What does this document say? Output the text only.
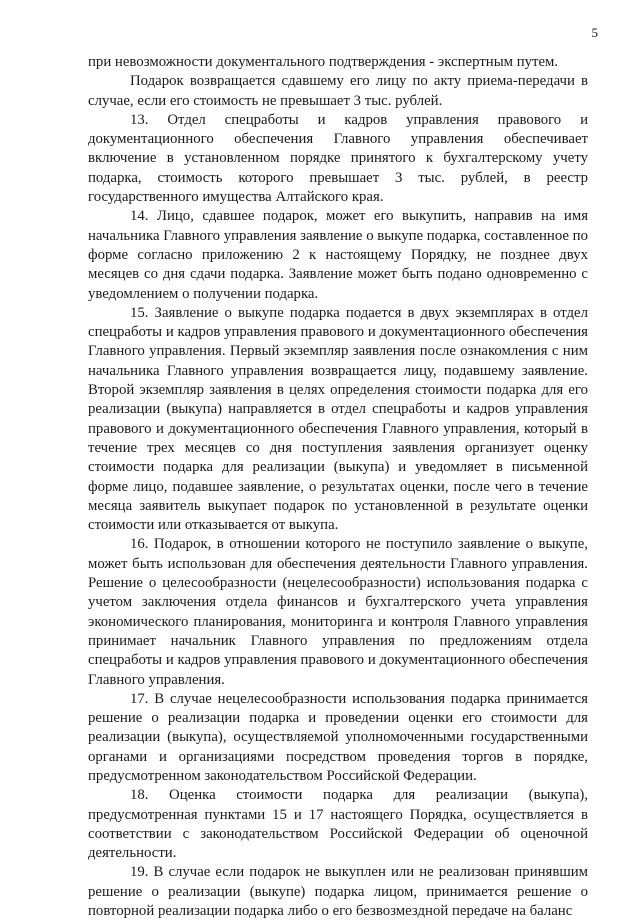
5

при невозможности документального подтверждения - экспертным путем.

Подарок возвращается сдавшему его лицу по акту приема-передачи в случае, если его стоимость не превышает 3 тыс. рублей.

13. Отдел спецработы и кадров управления правового и документационного обеспечения Главного управления обеспечивает включение в установленном порядке принятого к бухгалтерскому учету подарка, стоимость которого превышает 3 тыс. рублей, в реестр государственного имущества Алтайского края.

14. Лицо, сдавшее подарок, может его выкупить, направив на имя начальника Главного управления заявление о выкупе подарка, составленное по форме согласно приложению 2 к настоящему Порядку, не позднее двух месяцев со дня сдачи подарка. Заявление может быть подано одновременно с уведомлением о получении подарка.

15. Заявление о выкупе подарка подается в двух экземплярах в отдел спецработы и кадров управления правового и документационного обеспечения Главного управления. Первый экземпляр заявления после ознакомления с ним начальника Главного управления возвращается лицу, подавшему заявление. Второй экземпляр заявления в целях определения стоимости подарка для его реализации (выкупа) направляется в отдел спецработы и кадров управления правового и документационного обеспечения Главного управления, который в течение трех месяцев со дня поступления заявления организует оценку стоимости подарка для реализации (выкупа) и уведомляет в письменной форме лицо, подавшее заявление, о результатах оценки, после чего в течение месяца заявитель выкупает подарок по установленной в результате оценки стоимости или отказывается от выкупа.

16. Подарок, в отношении которого не поступило заявление о выкупе, может быть использован для обеспечения деятельности Главного управления. Решение о целесообразности (нецелесообразности) использования подарка с учетом заключения отдела финансов и бухгалтерского учета управления экономического планирования, мониторинга и контроля Главного управления принимает начальник Главного управления по предложениям отдела спецработы и кадров управления правового и документационного обеспечения Главного управления.

17. В случае нецелесообразности использования подарка принимается решение о реализации подарка и проведении оценки его стоимости для реализации (выкупа), осуществляемой уполномоченными государственными органами и организациями посредством проведения торгов в порядке, предусмотренном законодательством Российской Федерации.

18. Оценка стоимости подарка для реализации (выкупа), предусмотренная пунктами 15 и 17 настоящего Порядка, осуществляется в соответствии с законодательством Российской Федерации об оценочной деятельности.

19. В случае если подарок не выкуплен или не реализован принявшим решение о реализации (выкупе) подарка лицом, принимается решение о повторной реализации подарка либо о его безвозмездной передаче на баланс
